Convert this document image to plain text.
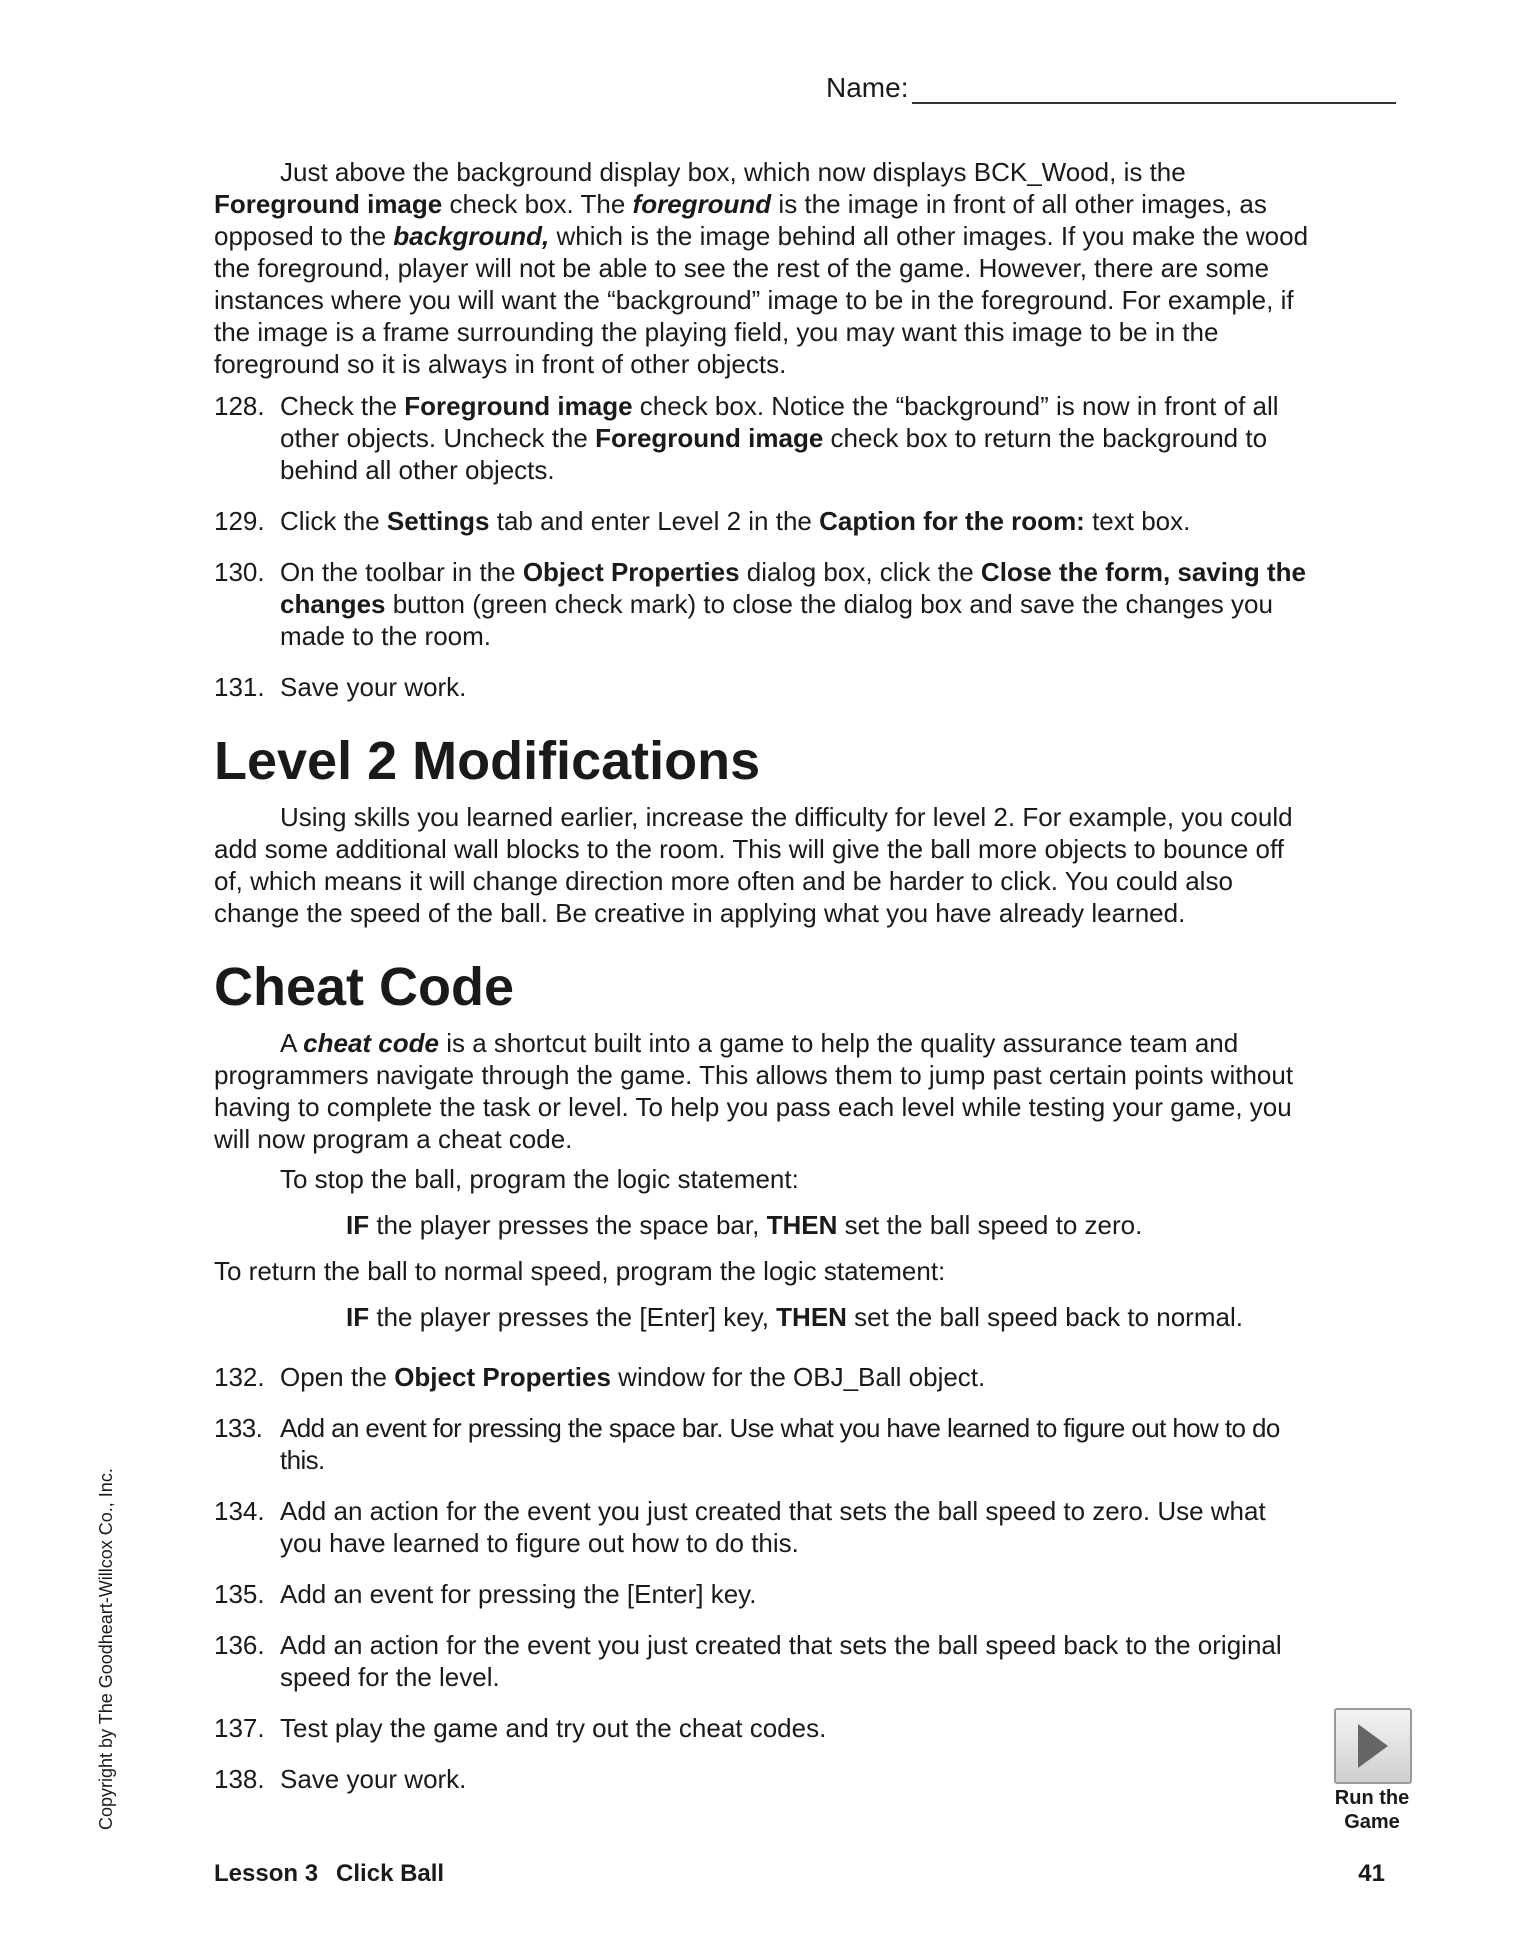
Name:

Just above the background display box, which now displays BCK_Wood, is the Foreground image check box. The foreground is the image in front of all other images, as opposed to the background, which is the image behind all other images. If you make the wood the foreground, player will not be able to see the rest of the game. However, there are some instances where you will want the “background” image to be in the foreground. For example, if the image is a frame surrounding the playing field, you may want this image to be in the foreground so it is always in front of other objects.

128. Check the Foreground image check box. Notice the “background” is now in front of all other objects. Uncheck the Foreground image check box to return the background to behind all other objects.
129. Click the Settings tab and enter Level 2 in the Caption for the room: text box.
130. On the toolbar in the Object Properties dialog box, click the Close the form, saving the changes button (green check mark) to close the dialog box and save the changes you made to the room.
131. Save your work.
Level 2 Modifications

Using skills you learned earlier, increase the difficulty for level 2. For example, you could add some additional wall blocks to the room. This will give the ball more objects to bounce off of, which means it will change direction more often and be harder to click. You could also change the speed of the ball. Be creative in applying what you have already learned.

Cheat Code

A cheat code is a shortcut built into a game to help the quality assurance team and programmers navigate through the game. This allows them to jump past certain points without having to complete the task or level. To help you pass each level while testing your game, you will now program a cheat code.

To stop the ball, program the logic statement:

IF the player presses the space bar, THEN set the ball speed to zero.

To return the ball to normal speed, program the logic statement:

IF the player presses the [Enter] key, THEN set the ball speed back to normal.

132. Open the Object Properties window for the OBJ_Ball object.
133. Add an event for pressing the space bar. Use what you have learned to figure out how to do this.
134. Add an action for the event you just created that sets the ball speed to zero. Use what you have learned to figure out how to do this.
135. Add an event for pressing the [Enter] key.
136. Add an action for the event you just created that sets the ball speed back to the original speed for the level.
137. Test play the game and try out the cheat codes.
138. Save your work.
Copyright by The Goodheart-Willcox Co., Inc.	Run the
Game
Lesson 3 Click Ball	41
